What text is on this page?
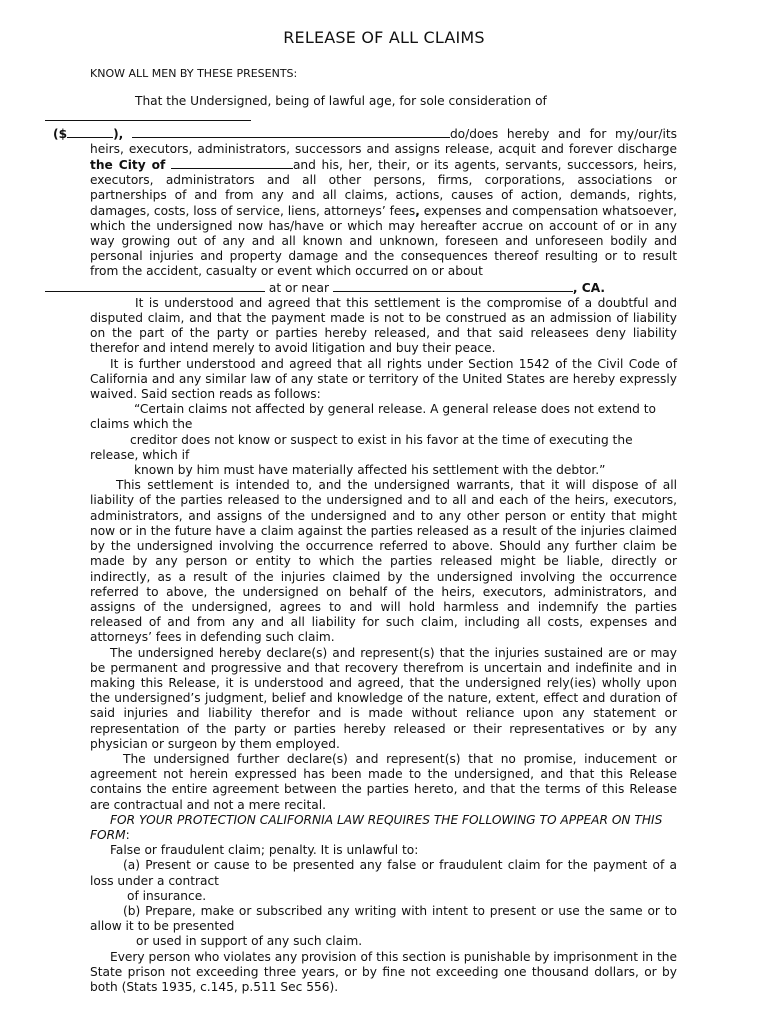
RELEASE OF ALL CLAIMS
KNOW ALL MEN BY THESE PRESENTS:

That the Undersigned, being of lawful age, for sole consideration of

($	),	do/does hereby and for my/our/its heirs, executors, administrators, successors and assigns release, acquit and forever discharge the City of	and his, her, their, or its agents, servants, successors, heirs, executors, administrators and all other persons, firms, corporations, associations or partnerships of and from any and all claims, actions, causes of action, demands, rights, damages, costs, loss of service, liens, attorneys’ fees, expenses and compensation whatsoever, which the undersigned now has/have or which may hereafter accrue on account of or in any way growing out of any and all known and unknown, foreseen and unforeseen bodily and personal injuries and property damage and the consequences thereof resulting or to result from the accident, casualty or event which occurred on or about
at or near	, CA.

It is understood and agreed that this settlement is the compromise of a doubtful and disputed claim, and that the payment made is not to be construed as an admission of liability on the part of the party or parties hereby released, and that said releasees deny liability therefor and intend merely to avoid litigation and buy their peace.

It is further understood and agreed that all rights under Section 1542 of the Civil Code of California and any similar law of any state or territory of the United States are hereby expressly waived. Said section reads as follows:

“Certain claims not affected by general release. A general release does not extend to claims which the

creditor does not know or suspect to exist in his favor at the time of executing the release, which if

known by him must have materially affected his settlement with the debtor.”

This settlement is intended to, and the undersigned warrants, that it will dispose of all liability of the parties released to the undersigned and to all and each of the heirs, executors, administrators, and assigns of the undersigned and to any other person or entity that might now or in the future have a claim against the parties released as a result of the injuries claimed by the undersigned involving the occurrence referred to above. Should any further claim be made by any person or entity to which the parties released might be liable, directly or indirectly, as a result of the injuries claimed by the undersigned involving the occurrence referred to above, the undersigned on behalf of the heirs, executors, administrators, and assigns of the undersigned, agrees to and will hold harmless and indemnify the parties released of and from any and all liability for such claim, including all costs, expenses and attorneys’ fees in defending such claim.

The undersigned hereby declare(s) and represent(s) that the injuries sustained are or may be permanent and progressive and that recovery therefrom is uncertain and indefinite and in making this Release, it is understood and agreed, that the undersigned rely(ies) wholly upon the undersigned’s judgment, belief and knowledge of the nature, extent, effect and duration of said injuries and liability therefor and is made without reliance upon any statement or representation of the party or parties hereby released or their representatives or by any physician or surgeon by them employed.

The undersigned further declare(s) and represent(s) that no promise, inducement or agreement not herein expressed has been made to the undersigned, and that this Release contains the entire agreement between the parties hereto, and that the terms of this Release are contractual and not a mere recital.

FOR YOUR PROTECTION CALIFORNIA LAW REQUIRES THE FOLLOWING TO APPEAR ON THIS FORM:

False or fraudulent claim; penalty. It is unlawful to:

(a) Present or cause to be presented any false or fraudulent claim for the payment of a loss under a contract

of insurance.

(b) Prepare, make or subscribed any writing with intent to present or use the same or to allow it to be presented

or used in support of any such claim.

Every person who violates any provision of this section is punishable by imprisonment in the State prison not exceeding three years, or by fine not exceeding one thousand dollars, or by both (Stats 1935, c.145, p.511 Sec 556).
